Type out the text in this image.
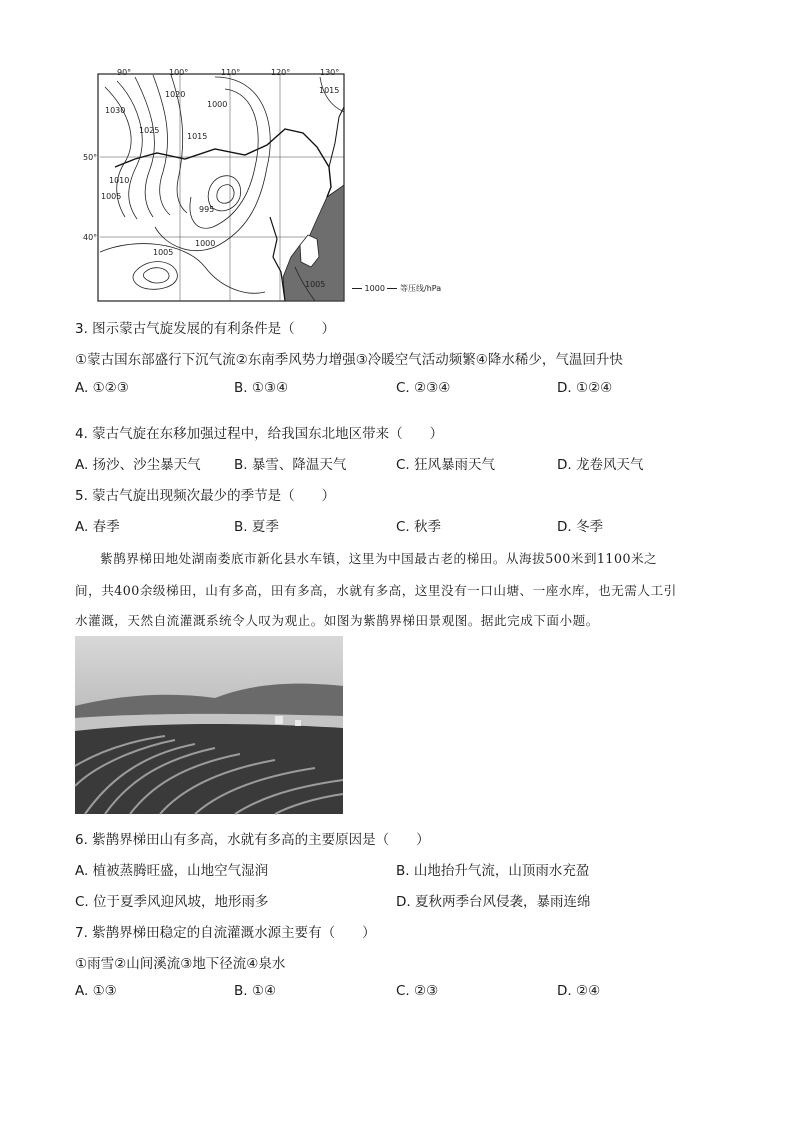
90°	100°	110°	120°	130°
50°
40°
1030
1025
1020
1015
1010
1005
1000
995
1005
1000
1015
1005	1000 等压线/hPa
3. 图示蒙古气旋发展的有利条件是（　　）
①蒙古国东部盛行下沉气流②东南季风势力增强③冷暖空气活动频繁④降水稀少，气温回升快
A. ①②③	B. ①③④	C. ②③④	D. ①②④
4. 蒙古气旋在东移加强过程中，给我国东北地区带来（　　）
A. 扬沙、沙尘暴天气 B. 暴雪、降温天气	C. 狂风暴雨天气	D. 龙卷风天气
5. 蒙古气旋出现频次最少的季节是（　　）
A. 春季	B. 夏季	C. 秋季	D. 冬季
紫鹊界梯田地处湖南娄底市新化县水车镇，这里为中国最古老的梯田。从海拔500米到1100米之
间，共400余级梯田，山有多高，田有多高，水就有多高，这里没有一口山塘、一座水库，也无需人工引
水灌溉，天然自流灌溉系统令人叹为观止。如图为紫鹊界梯田景观图。据此完成下面小题。
6. 紫鹊界梯田山有多高，水就有多高的主要原因是（　　）
A. 植被蒸腾旺盛，山地空气湿润	B. 山地抬升气流，山顶雨水充盈
C. 位于夏季风迎风坡，地形雨多	D. 夏秋两季台风侵袭，暴雨连绵
7. 紫鹊界梯田稳定的自流灌溉水源主要有（　　）
①雨雪②山间溪流③地下径流④泉水
A. ①③	B. ①④	C. ②③	D. ②④
